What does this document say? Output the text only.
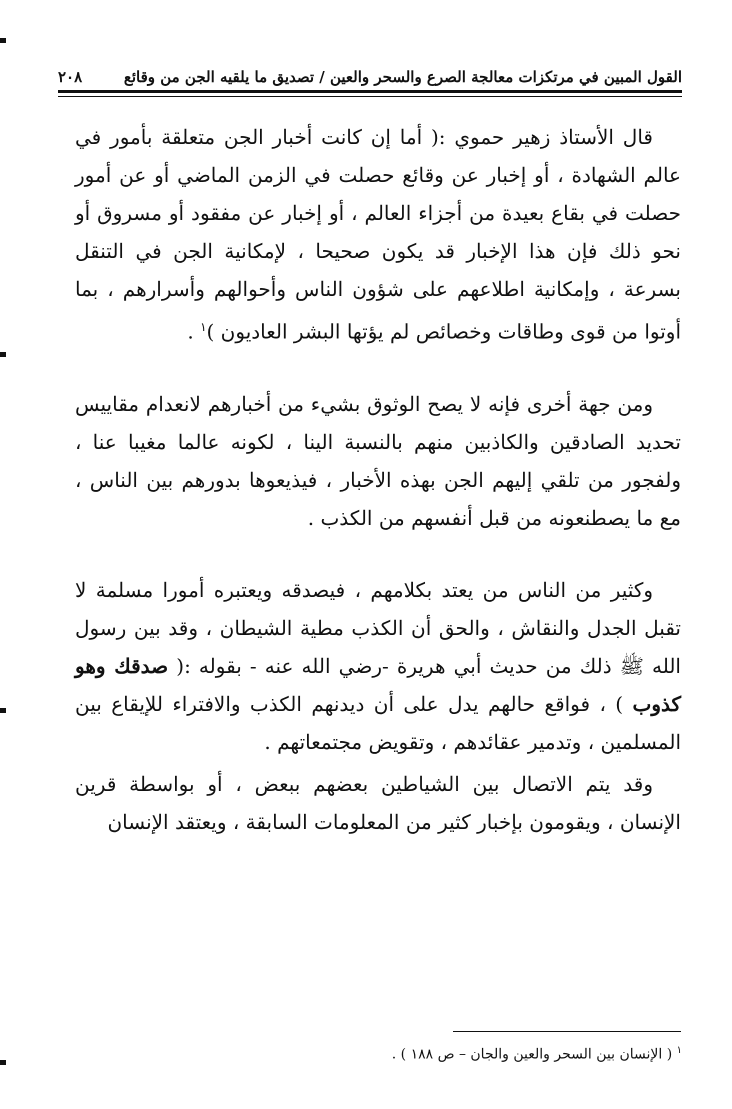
القول المبين في مرتكزات معالجة الصرع والسحر والعين / تصديق ما يلقيه الجن من وقائع
٢٠٨

قال الأستاذ زهير حموي :( أما إن كانت أخبار الجن متعلقة بأمور في عالم الشهادة ، أو إخبار عن وقائع حصلت في الزمن الماضي أو عن أمور حصلت في بقاع بعيدة من أجزاء العالم ، أو إخبار عن مفقود أو مسروق أو نحو ذلك فإن هذا الإخبار قد يكون صحيحا ، لإمكانية الجن في التنقل بسرعة ، وإمكانية اطلاعهم على شؤون الناس وأحوالهم وأسرارهم ، بما أوتوا من قوى وطاقات وخصائص لم يؤتها البشر العاديون )$^١$ .

ومن جهة أخرى فإنه لا يصح الوثوق بشيء من أخبارهم لانعدام مقاييس تحديد الصادقين والكاذبين منهم بالنسبة الينا ، لكونه عالما مغيبا عنا ، ولفجور من تلقي إليهم الجن بهذه الأخبار ، فيذيعوها بدورهم بين الناس ، مع ما يصطنعونه من قبل أنفسهم من الكذب .

وكثير من الناس من يعتد بكلامهم ، فيصدقه ويعتبره أمورا مسلمة لا تقبل الجدل والنقاش ، والحق أن الكذب مطية الشيطان ، وقد بين رسول الله ﷺ ذلك من حديث أبي هريرة -رضي الله عنه - بقوله :( صدقك وهو كذوب ) ، فواقع حالهم يدل على أن ديدنهم الكذب والافتراء للإيقاع بين المسلمين ، وتدمير عقائدهم ، وتقويض مجتمعاتهم .

وقد يتم الاتصال بين الشياطين بعضهم ببعض ، أو بواسطة قرين الإنسان ، ويقومون بإخبار كثير من المعلومات السابقة ، ويعتقد الإنسان

$^١$ ( الإنسان بين السحر والعين والجان – ص ١٨٨ ) .
